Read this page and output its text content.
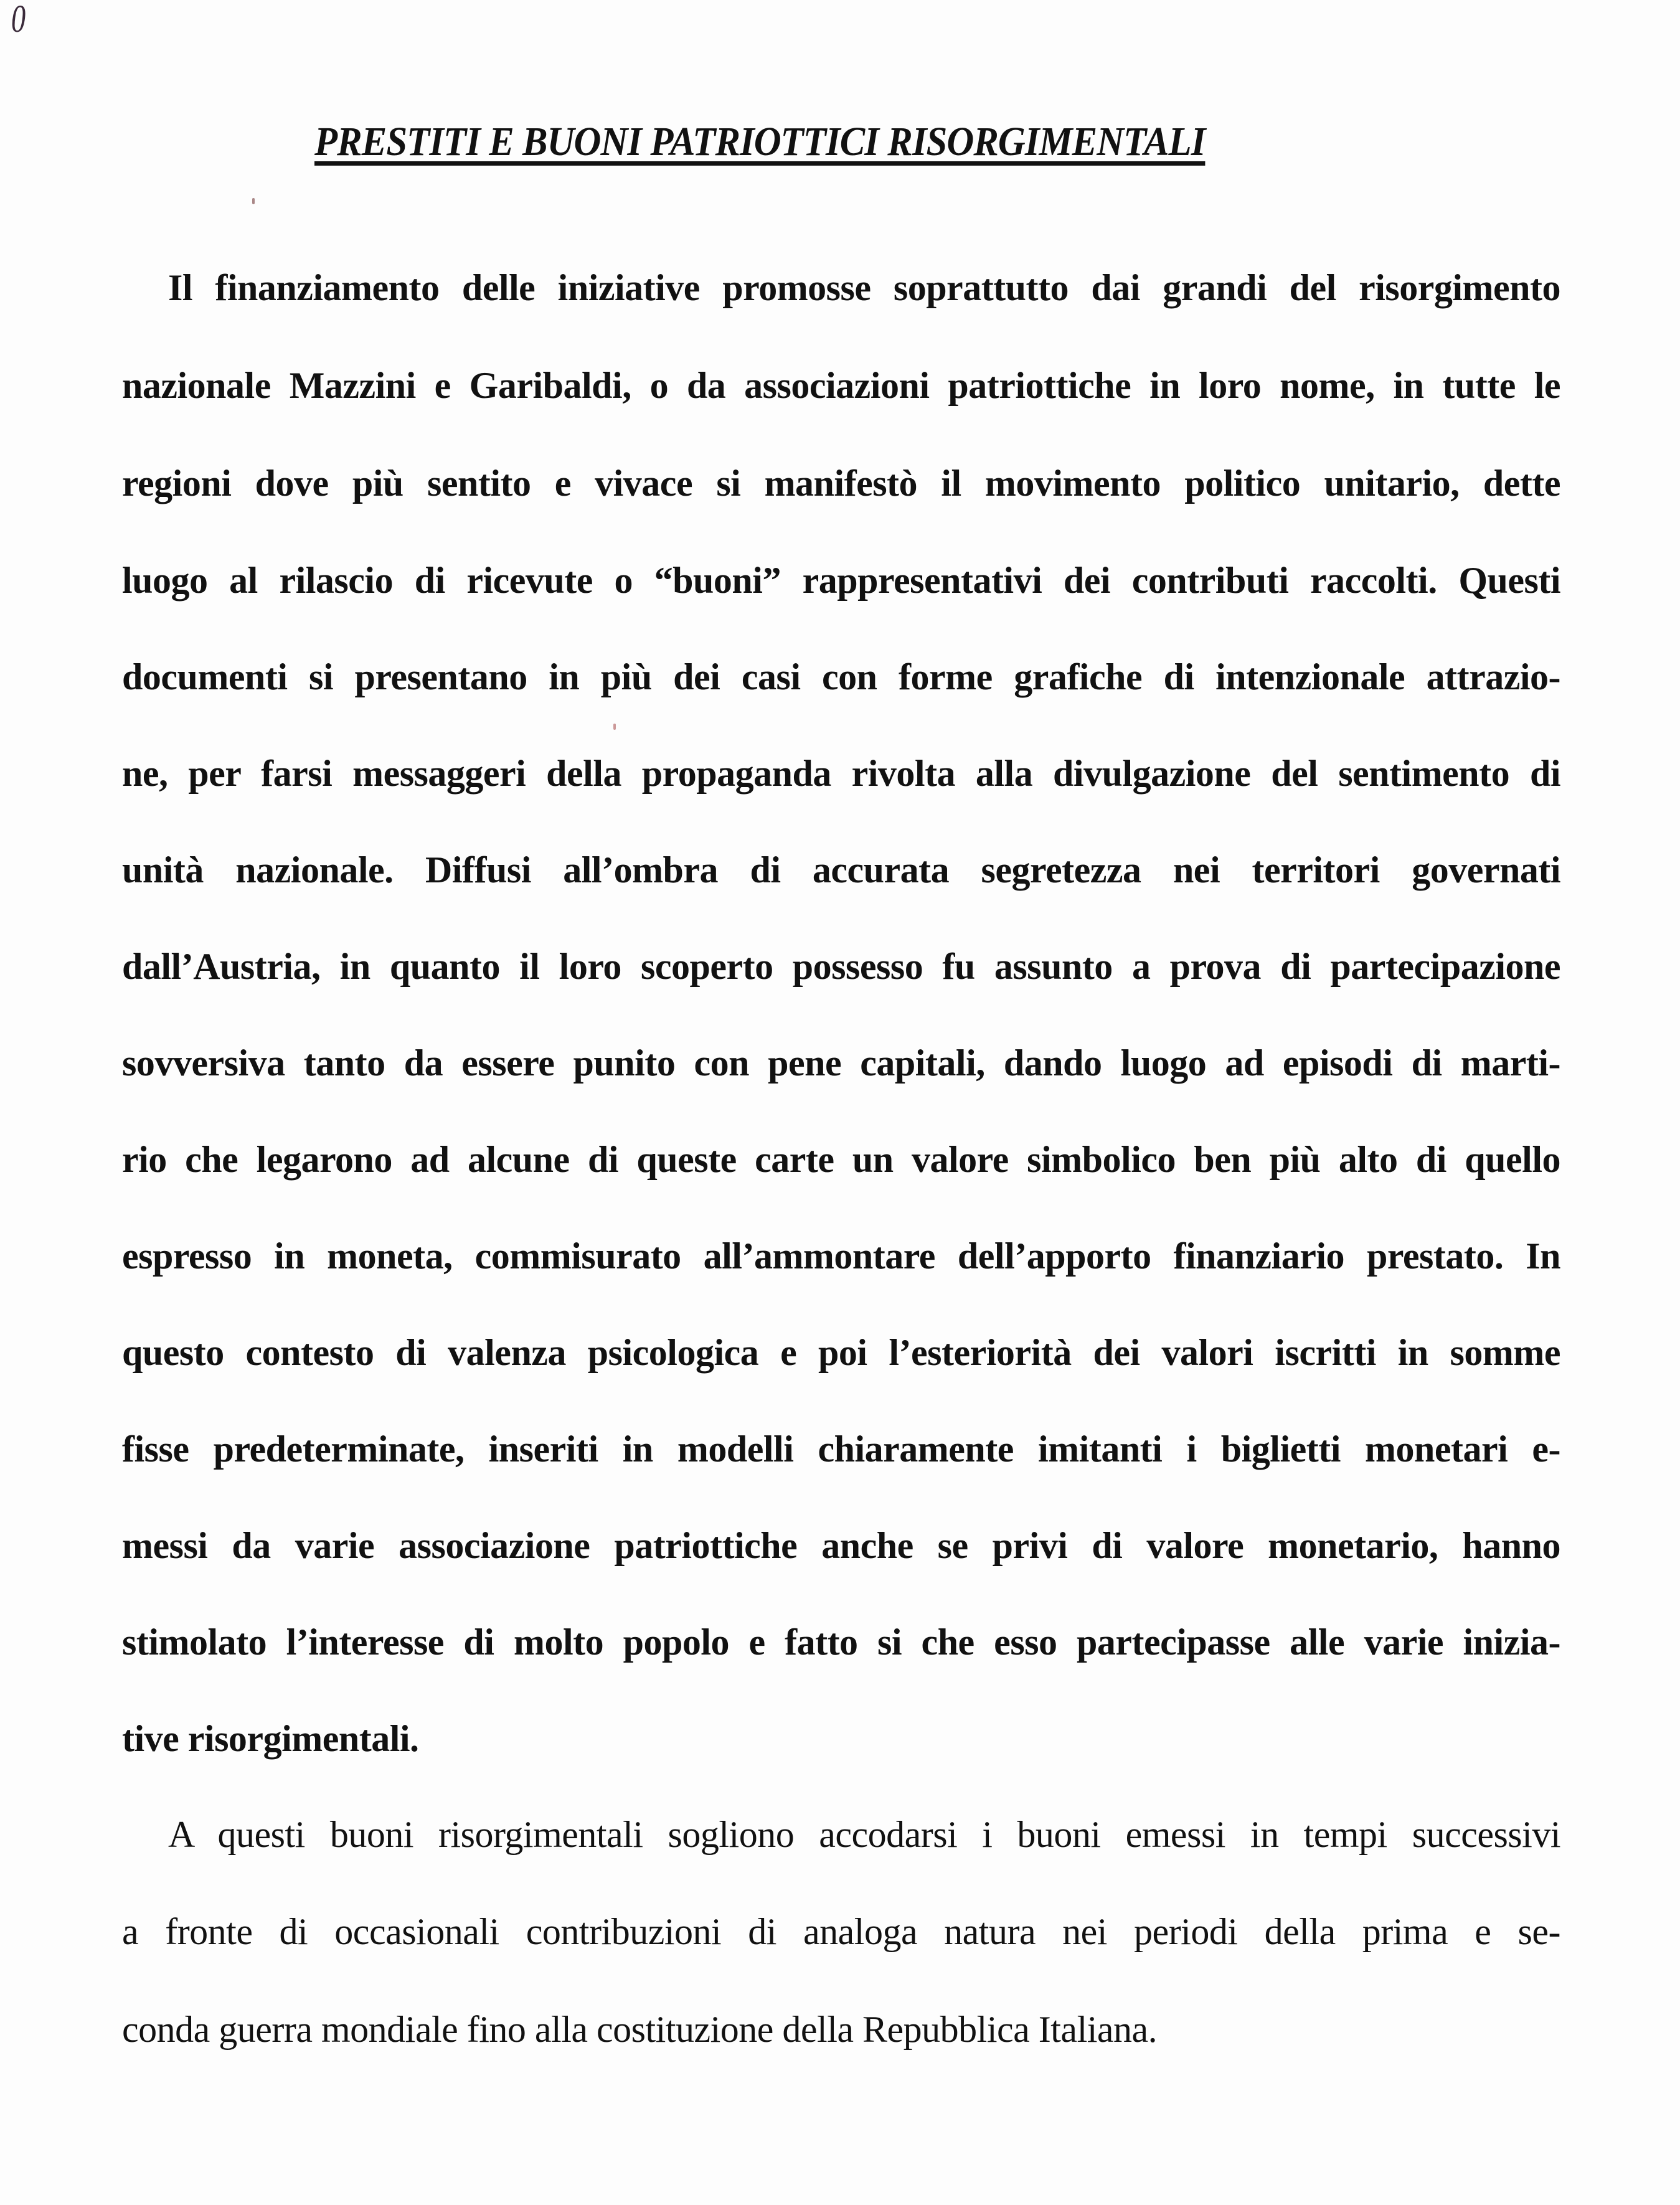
0
PRESTITI E BUONI PATRIOTTICI RISORGIMENTALI
Il finanziamento delle iniziative promosse soprattutto dai grandi del risorgimento
nazionale Mazzini e Garibaldi, o da associazioni patriottiche in loro nome, in tutte le
regioni dove più sentito e vivace si manifestò il movimento politico unitario, dette
luogo al rilascio di ricevute o “buoni” rappresentativi dei contributi raccolti. Questi
documenti si presentano in più dei casi con forme grafiche di intenzionale attrazio-
ne, per farsi messaggeri della propaganda rivolta alla divulgazione del sentimento di
unità nazionale. Diffusi all’ombra di accurata segretezza nei territori governati
dall’Austria, in quanto il loro scoperto possesso fu assunto a prova di partecipazione
sovversiva tanto da essere punito con pene capitali, dando luogo ad episodi di marti-
rio che legarono ad alcune di queste carte un valore simbolico ben più alto di quello
espresso in moneta, commisurato all’ammontare dell’apporto finanziario prestato. In
questo contesto di valenza psicologica e poi l’esteriorità dei valori iscritti in somme
fisse predeterminate, inseriti in modelli chiaramente imitanti i biglietti monetari e-
messi da varie associazione patriottiche anche se privi di valore monetario, hanno
stimolato l’interesse di molto popolo e fatto si che esso partecipasse alle varie inizia-
tive risorgimentali.
A questi buoni risorgimentali sogliono accodarsi i buoni emessi in tempi successivi
a fronte di occasionali contribuzioni di analoga natura nei periodi della prima e se-
conda guerra mondiale fino alla costituzione della Repubblica Italiana.
